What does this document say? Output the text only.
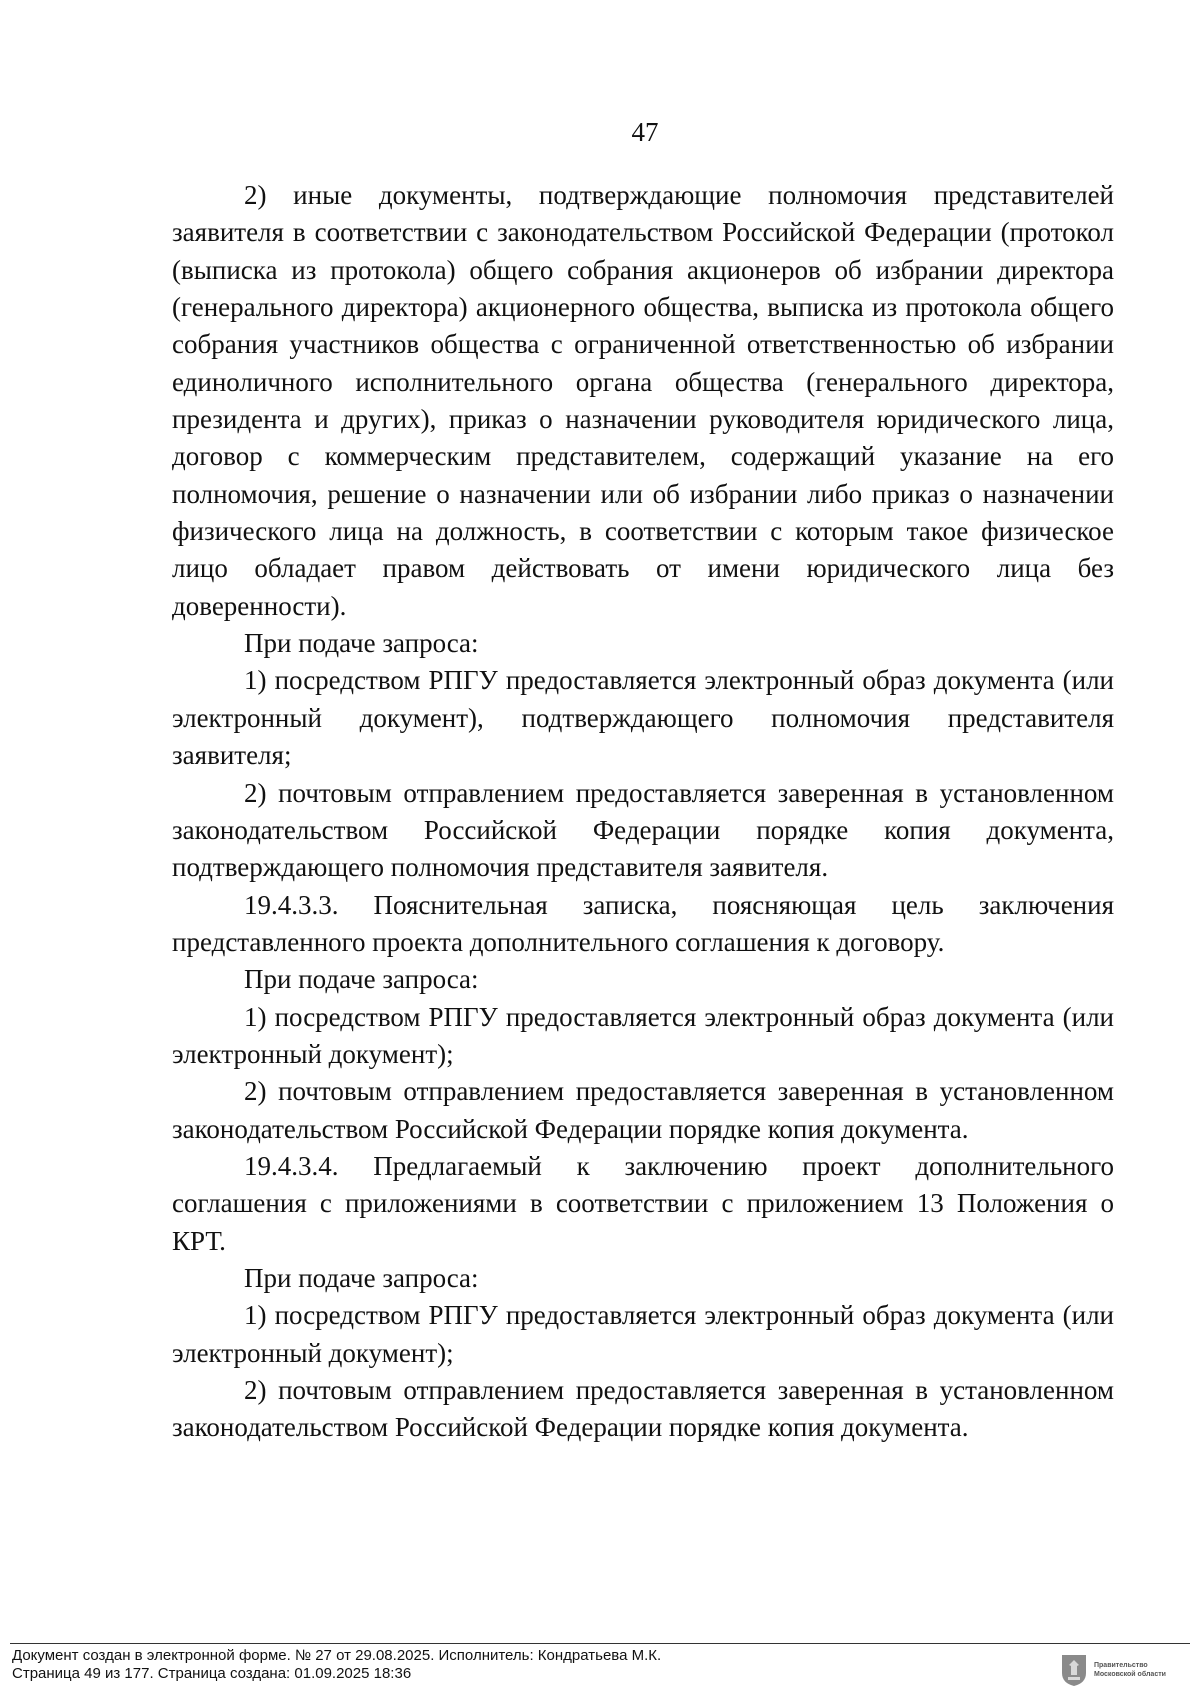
47

2) иные документы, подтверждающие полномочия представителей заявителя в соответствии с законодательством Российской Федерации (протокол (выписка из протокола) общего собрания акционеров об избрании директора (генерального директора) акционерного общества, выписка из протокола общего собрания участников общества с ограниченной ответственностью об избрании единоличного исполнительного органа общества (генерального директора, президента и других), приказ о назначении руководителя юридического лица, договор с коммерческим представителем, содержащий указание на его полномочия, решение о назначении или об избрании либо приказ о назначении физического лица на должность, в соответствии с которым такое физическое лицо обладает правом действовать от имени юридического лица без доверенности).

При подаче запроса:

1) посредством РПГУ предоставляется электронный образ документа (или электронный документ), подтверждающего полномочия представителя заявителя;

2) почтовым отправлением предоставляется заверенная в установленном законодательством Российской Федерации порядке копия документа, подтверждающего полномочия представителя заявителя.

19.4.3.3. Пояснительная записка, поясняющая цель заключения представленного проекта дополнительного соглашения к договору.

При подаче запроса:

1) посредством РПГУ предоставляется электронный образ документа (или электронный документ);

2) почтовым отправлением предоставляется заверенная в установленном законодательством Российской Федерации порядке копия документа.

19.4.3.4. Предлагаемый к заключению проект дополнительного соглашения с приложениями в соответствии с приложением 13 Положения о КРТ.

При подаче запроса:

1) посредством РПГУ предоставляется электронный образ документа (или электронный документ);

2) почтовым отправлением предоставляется заверенная в установленном законодательством Российской Федерации порядке копия документа.

Документ создан в электронной форме. № 27 от 29.08.2025. Исполнитель: Кондратьева М.К.
Страница 49 из 177. Страница создана: 01.09.2025 18:36	Правительство
Московской области
